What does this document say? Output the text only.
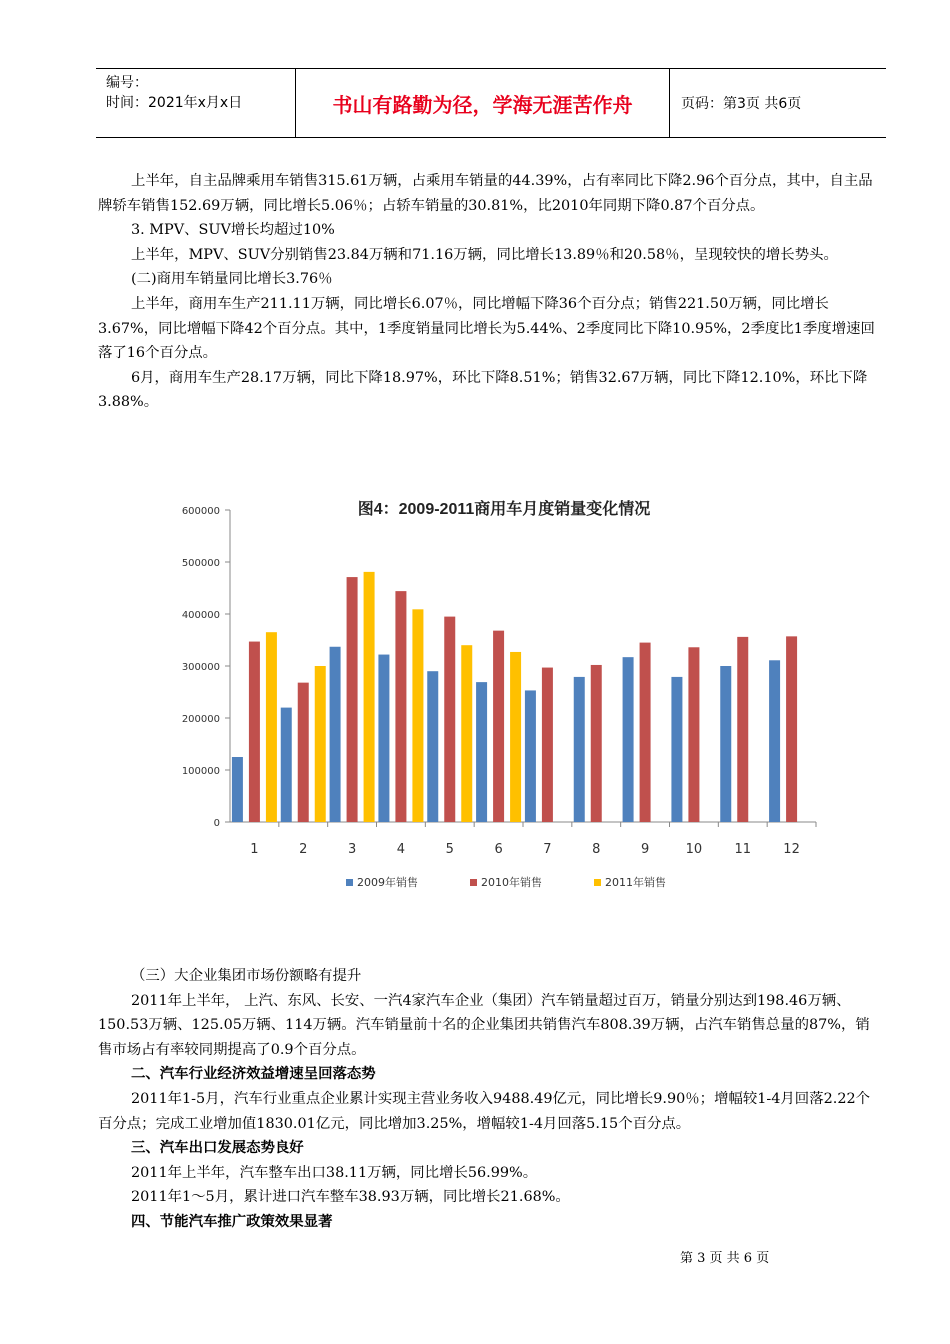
编号：
时间：2021年x月x日	书山有路勤为径，学海无涯苦作舟	页码：第3页 共6页

上半年，自主品牌乘用车销售315.61万辆，占乘用车销量的44.39%，占有率同比下降2.96个百分点，其中，自主品牌轿车销售152.69万辆，同比增长5.06％；占轿车销量的30.81%，比2010年同期下降0.87个百分点。

3. MPV、SUV增长均超过10%

上半年，MPV、SUV分别销售23.84万辆和71.16万辆，同比增长13.89％和20.58％，呈现较快的增长势头。

(二)商用车销量同比增长3.76％

上半年，商用车生产211.11万辆，同比增长6.07％，同比增幅下降36个百分点；销售221.50万辆，同比增长3.67%，同比增幅下降42个百分点。其中，1季度销量同比增长为5.44%、2季度同比下降10.95%，2季度比1季度增速回落了16个百分点。

6月，商用车生产28.17万辆，同比下降18.97%，环比下降8.51%；销售32.67万辆，同比下降12.10%，环比下降3.88%。

图4：2009-2011商用车月度销量变化情况
0
100000
200000
300000
400000
500000
600000
1	2	3	4	5	6	7	8	9	10 11 12
2009年销售	2010年销售	2011年销售

（三）大企业集团市场份额略有提升

2011年上半年， 上汽、东风、长安、一汽4家汽车企业（集团）汽车销量超过百万，销量分别达到198.46万辆、150.53万辆、125.05万辆、114万辆。汽车销量前十名的企业集团共销售汽车808.39万辆，占汽车销售总量的87%，销售市场占有率较同期提高了0.9个百分点。

二、汽车行业经济效益增速呈回落态势

2011年1-5月，汽车行业重点企业累计实现主营业务收入9488.49亿元，同比增长9.90％；增幅较1-4月回落2.22个百分点；完成工业增加值1830.01亿元，同比增加3.25%，增幅较1-4月回落5.15个百分点。

三、汽车出口发展态势良好

2011年上半年，汽车整车出口38.11万辆，同比增长56.99%。

2011年1～5月，累计进口汽车整车38.93万辆，同比增长21.68%。

四、节能汽车推广政策效果显著

第 3 页 共 6 页
